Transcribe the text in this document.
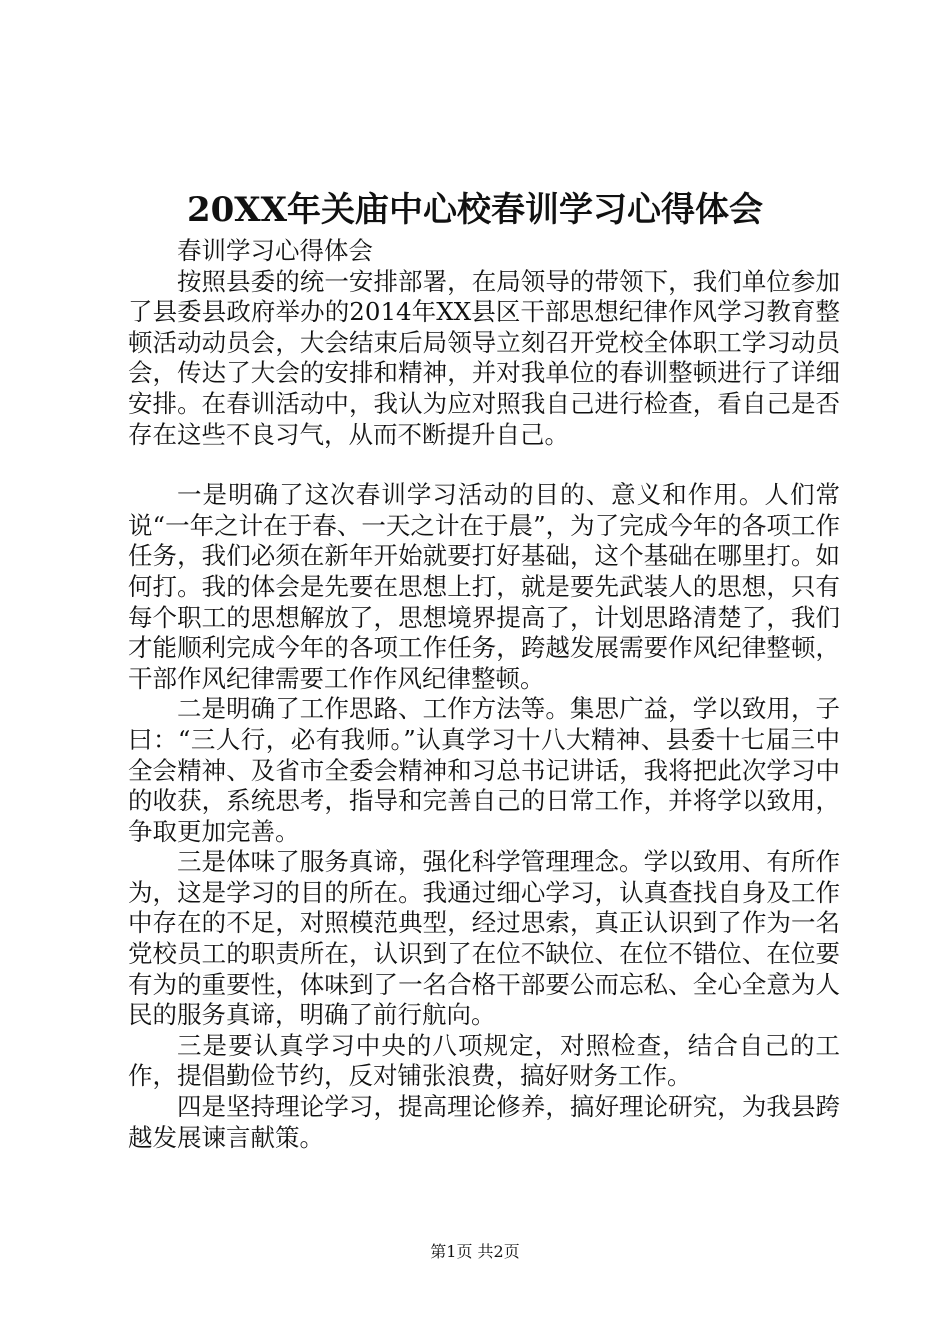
20XX年关庙中心校春训学习心得体会

春训学习心得体会

按照县委的统一安排部署，在局领导的带领下，我们单位参加了县委县政府举办的2014年XX县区干部思想纪律作风学习教育整顿活动动员会，大会结束后局领导立刻召开党校全体职工学习动员会，传达了大会的安排和精神，并对我单位的春训整顿进行了详细安排。在春训活动中，我认为应对照我自己进行检查，看自己是否存在这些不良习气，从而不断提升自己。

一是明确了这次春训学习活动的目的、意义和作用。人们常说“一年之计在于春、一天之计在于晨”，为了完成今年的各项工作任务，我们必须在新年开始就要打好基础，这个基础在哪里打。如何打。我的体会是先要在思想上打，就是要先武装人的思想，只有每个职工的思想解放了，思想境界提高了，计划思路清楚了，我们才能顺利完成今年的各项工作任务，跨越发展需要作风纪律整顿，干部作风纪律需要工作作风纪律整顿。

二是明确了工作思路、工作方法等。集思广益，学以致用，子曰：“三人行，必有我师。”认真学习十八大精神、县委十七届三中全会精神、及省市全委会精神和习总书记讲话，我将把此次学习中的收获，系统思考，指导和完善自己的日常工作，并将学以致用，争取更加完善。

三是体味了服务真谛，强化科学管理理念。学以致用、有所作为，这是学习的目的所在。我通过细心学习，认真查找自身及工作中存在的不足，对照模范典型，经过思索，真正认识到了作为一名党校员工的职责所在，认识到了在位不缺位、在位不错位、在位要有为的重要性，体味到了一名合格干部要公而忘私、全心全意为人民的服务真谛，明确了前行航向。

三是要认真学习中央的八项规定，对照检查，结合自己的工作，提倡勤俭节约，反对铺张浪费，搞好财务工作。

四是坚持理论学习，提高理论修养，搞好理论研究，为我县跨越发展谏言献策。

第1页 共2页
